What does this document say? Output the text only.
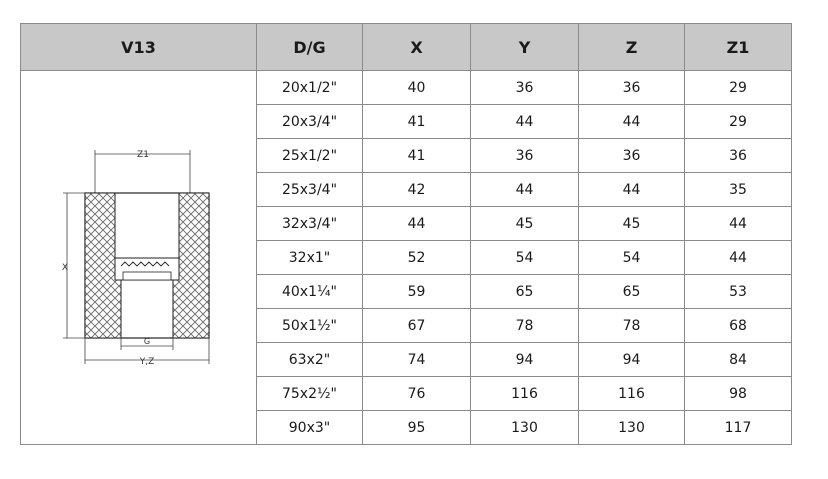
V13	D/G	X	Y	Z	Z1

Z1
X
G
Y,Z	20x1/2"	40	36	36	29
	20x3/4"	41	44	44	29
	25x1/2"	41	36	36	36
	25x3/4"	42	44	44	35
	32x3/4"	44	45	45	44
	32x1"	52	54	54	44
	40x1¼"	59	65	65	53
	50x1½"	67	78	78	68
	63x2"	74	94	94	84
	75x2½"	76	116	116	98
	90x3"	95	130	130	117
